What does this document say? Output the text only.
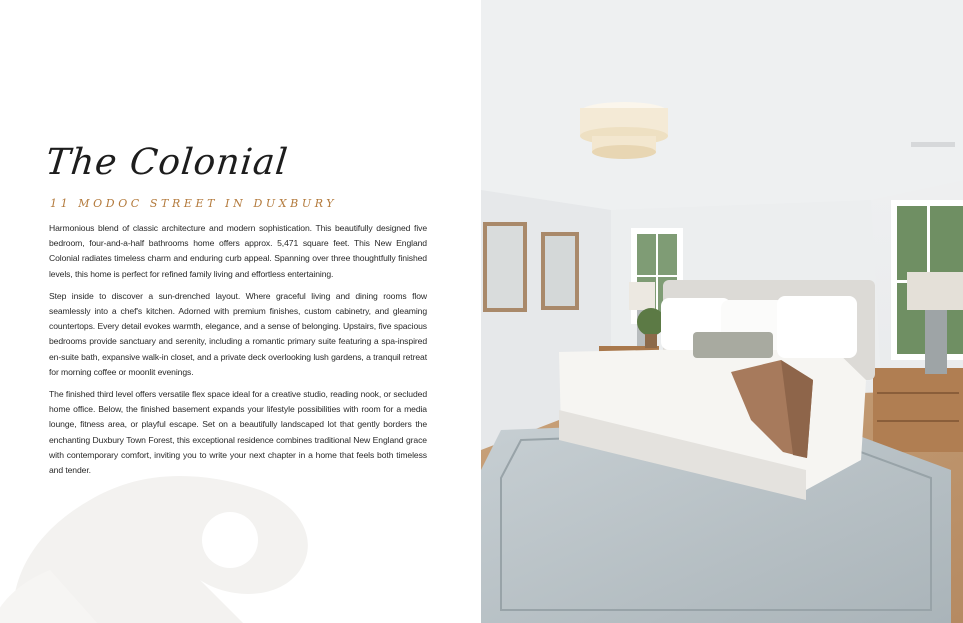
The Colonial
11 MODOC STREET IN DUXBURY

Harmonious blend of classic architecture and modern sophistication. This beautifully designed five bedroom, four-and-a-half bathrooms home offers approx. 5,471 square feet. This New England Colonial radiates timeless charm and enduring curb appeal. Spanning over three thoughtfully finished levels, this home is perfect for refined family living and effortless entertaining.

Step inside to discover a sun-drenched layout. Where graceful living and dining rooms flow seamlessly into a chef's kitchen. Adorned with premium finishes, custom cabinetry, and gleaming countertops. Every detail evokes warmth, elegance, and a sense of belonging. Upstairs, five spacious bedrooms provide sanctuary and serenity, including a romantic primary suite featuring a spa-inspired en-suite bath, expansive walk-in closet, and a private deck overlooking lush gardens, a tranquil retreat for morning coffee or moonlit evenings.

The finished third level offers versatile flex space ideal for a creative studio, reading nook, or secluded home office. Below, the finished basement expands your lifestyle possibilities with room for a media lounge, fitness area, or playful escape. Set on a beautifully landscaped lot that gently borders the enchanting Duxbury Town Forest, this exceptional residence combines traditional New England grace with contemporary comfort, inviting you to write your next chapter in a home that feels both timeless and tender.
